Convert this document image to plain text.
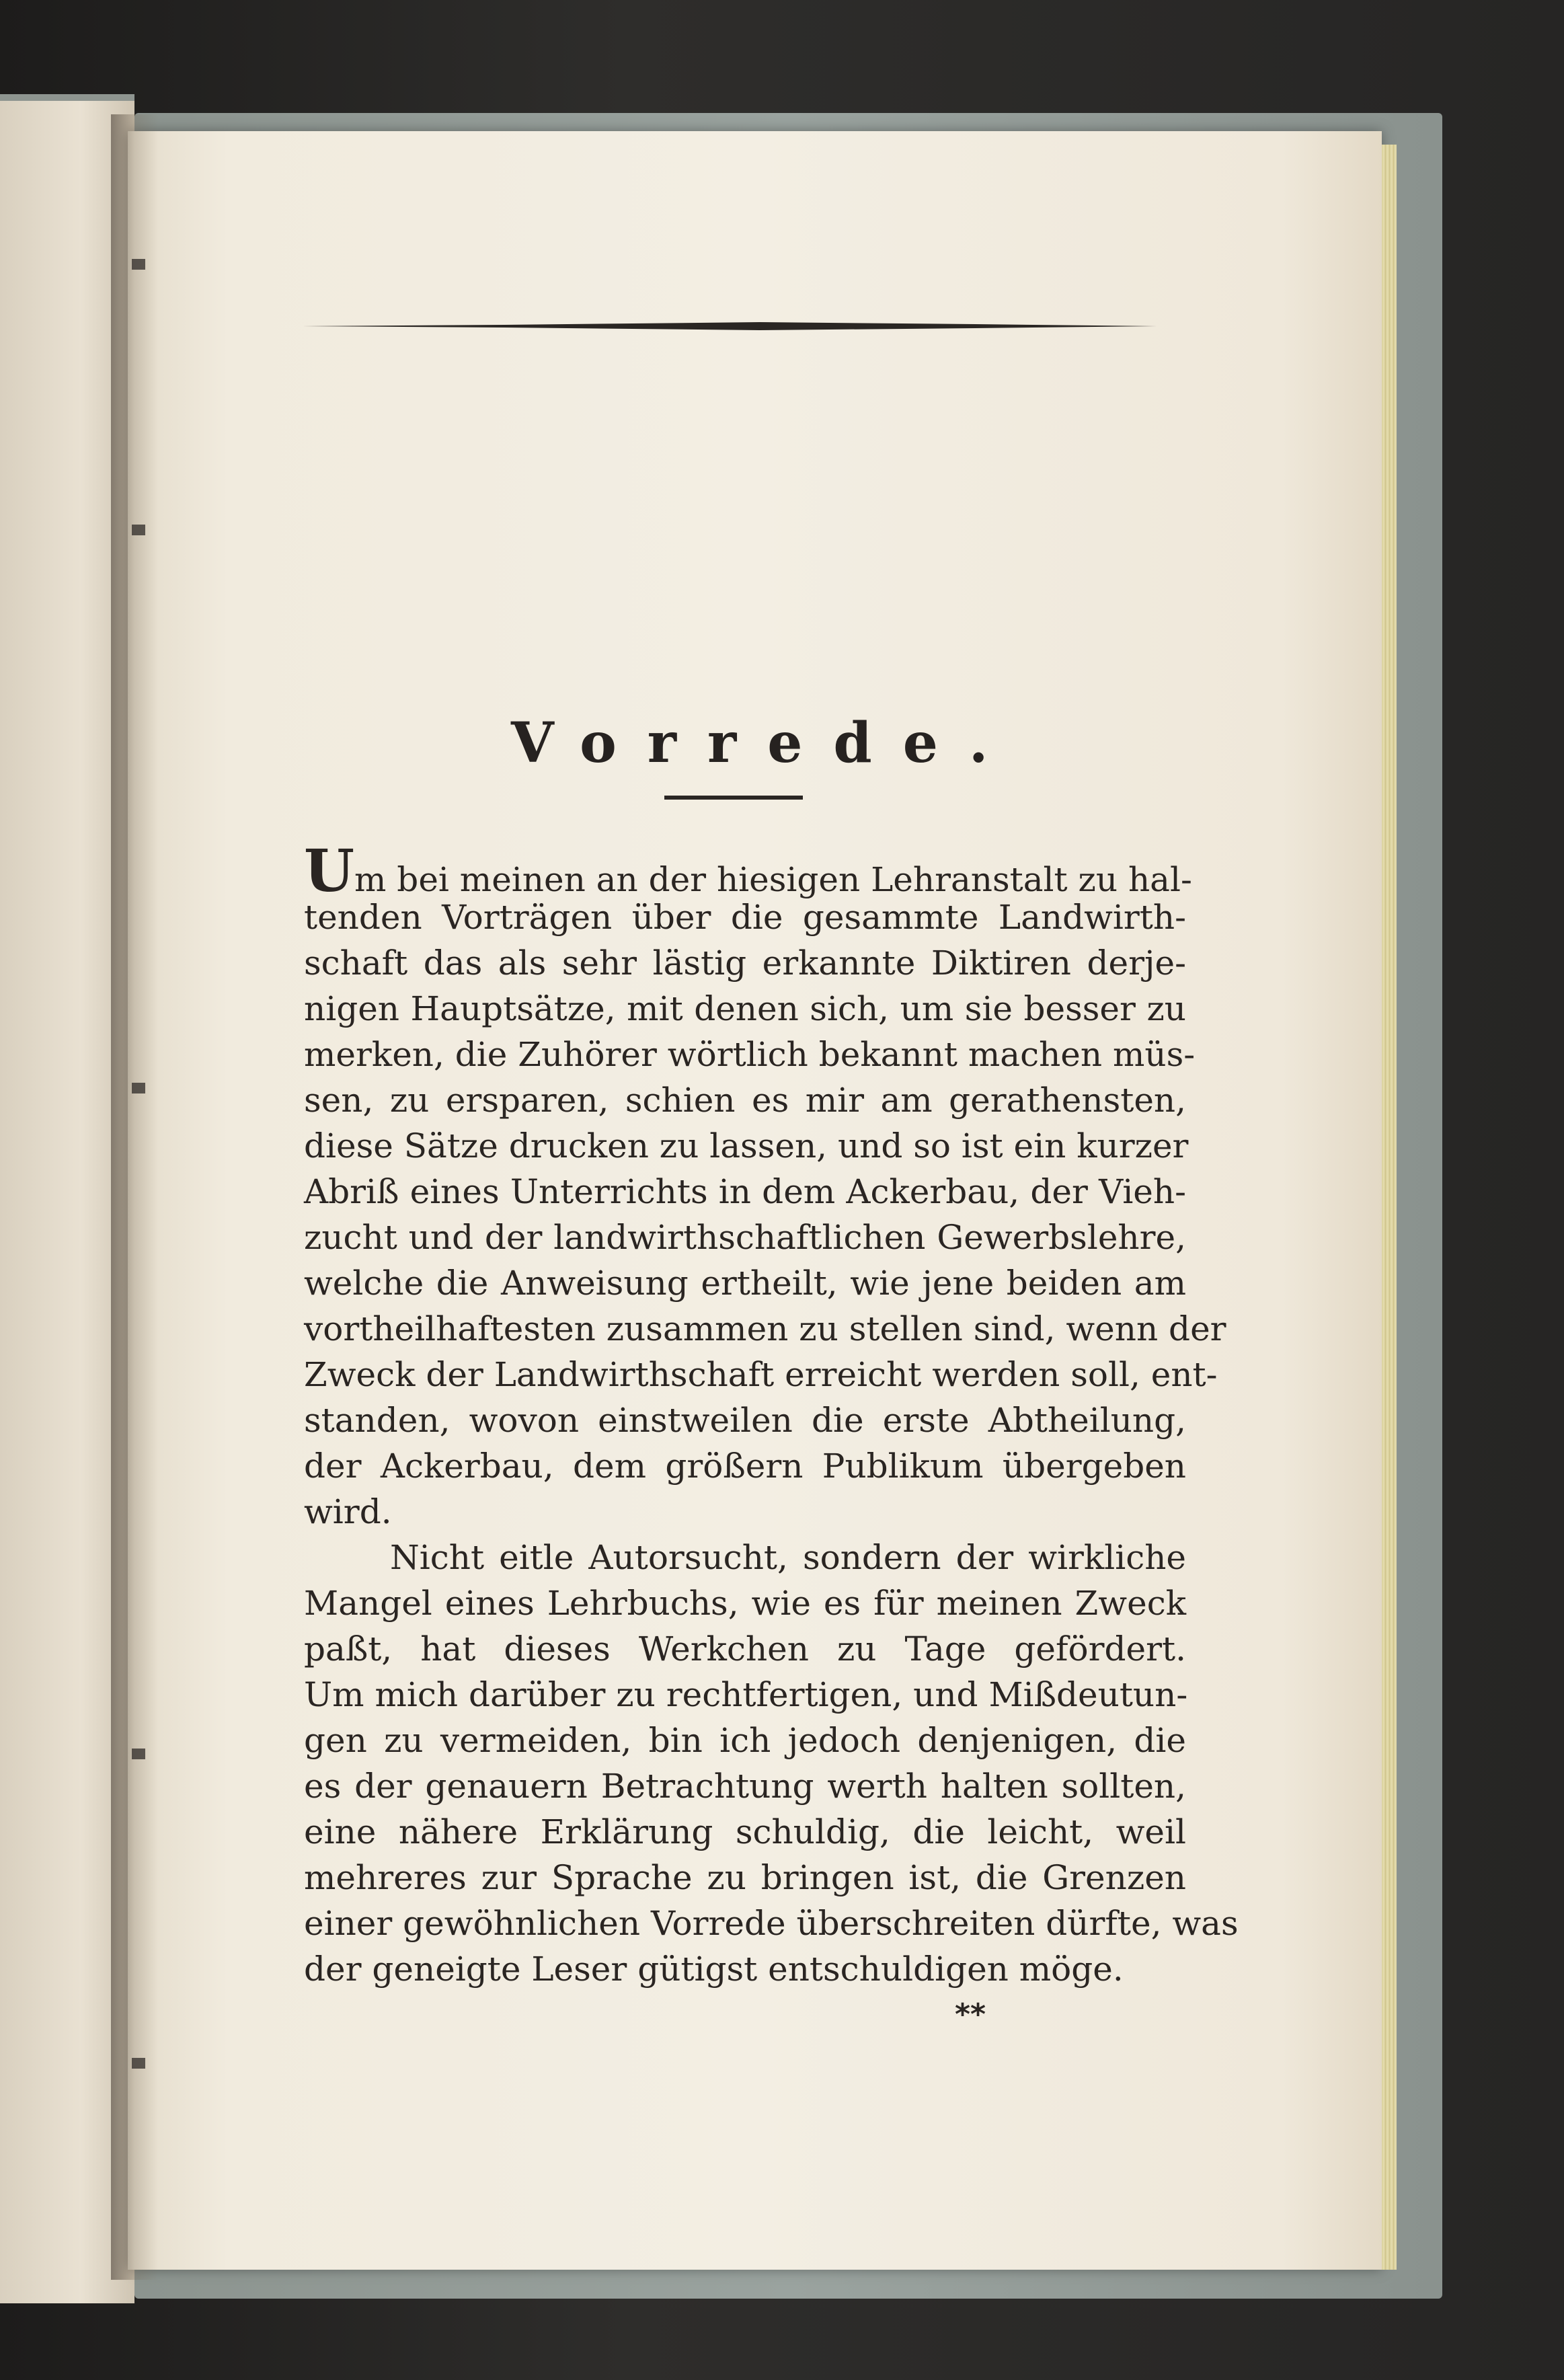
Vorrede.
Um bei meinen an der hiesigen Lehranstalt zu hal-
tenden Vorträgen über die gesammte Landwirth-
schaft das als sehr lästig erkannte Diktiren derje-
nigen Hauptsätze, mit denen sich, um sie besser zu
merken, die Zuhörer wörtlich bekannt machen müs-
sen, zu ersparen, schien es mir am gerathensten,
diese Sätze drucken zu lassen, und so ist ein kurzer
Abriß eines Unterrichts in dem Ackerbau, der Vieh-
zucht und der landwirthschaftlichen Gewerbslehre,
welche die Anweisung ertheilt, wie jene beiden am
vortheilhaftesten zusammen zu stellen sind, wenn der
Zweck der Landwirthschaft erreicht werden soll, ent-
standen, wovon einstweilen die erste Abtheilung,
der Ackerbau, dem größern Publikum übergeben
wird.
Nicht eitle Autorsucht, sondern der wirkliche
Mangel eines Lehrbuchs, wie es für meinen Zweck
paßt, hat dieses Werkchen zu Tage gefördert.
Um mich darüber zu rechtfertigen, und Mißdeutun-
gen zu vermeiden, bin ich jedoch denjenigen, die
es der genauern Betrachtung werth halten sollten,
eine nähere Erklärung schuldig, die leicht, weil
mehreres zur Sprache zu bringen ist, die Grenzen
einer gewöhnlichen Vorrede überschreiten dürfte, was
der geneigte Leser gütigst entschuldigen möge.
**
